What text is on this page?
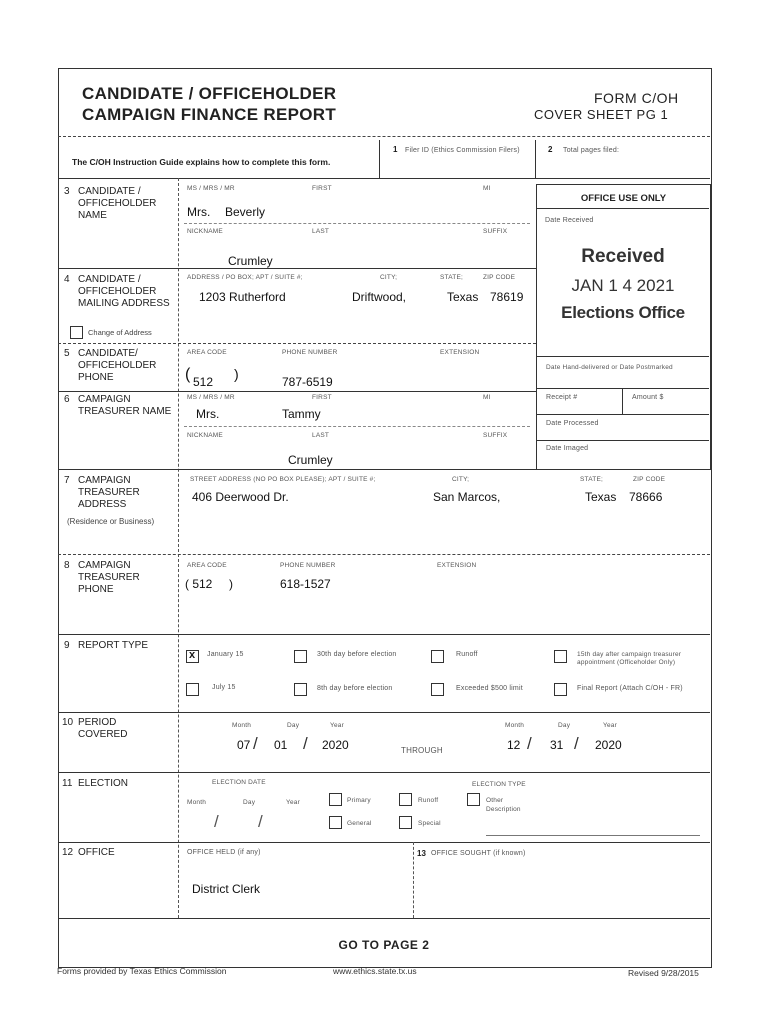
CANDIDATE / OFFICEHOLDER
CAMPAIGN FINANCE REPORT
FORM C/OH
COVER SHEET PG 1
The C/OH Instruction Guide explains how to complete this form.
1 Filer ID (Ethics Commission Filers)	2 Total pages filed:
3 CANDIDATE / OFFICEHOLDER NAME
MS / MRS / MR	FIRST	MI
Mrs. Beverly
NICKNAME	LAST	SUFFIX
Crumley
OFFICE USE ONLY
Date Received
Received
JAN 1 4 2021
Elections Office
Date Hand-delivered or Date Postmarked
Receipt #	Amount $
Date Processed
Date Imaged
4 CANDIDATE / OFFICEHOLDER MAILING ADDRESS
Change of Address
ADDRESS / PO BOX; APT / SUITE #;	CITY;	STATE;	ZIP CODE
1203 Rutherford	Driftwood,	Texas 78619
5 CANDIDATE/ OFFICEHOLDER PHONE
AREA CODE	PHONE NUMBER	EXTENSION
( 512 )	787-6519
6 CAMPAIGN TREASURER NAME
MS / MRS / MR	FIRST	MI
Mrs.	Tammy
NICKNAME	LAST	SUFFIX
Crumley
7 CAMPAIGN TREASURER ADDRESS
(Residence or Business)
STREET ADDRESS (NO PO BOX PLEASE); APT / SUITE #;	CITY;	STATE;	ZIP CODE
406 Deerwood Dr.	San Marcos,	Texas 78666
8 CAMPAIGN TREASURER PHONE
AREA CODE	PHONE NUMBER	EXTENSION
( 512     )	618-1527
9 REPORT TYPE
x January 15	30th day before election	Runoff	15th day after campaign treasurer appointment (Officeholder Only)
July 15	8th day before election	Exceeded $500 limit	Final Report (Attach C/OH - FR)
10 PERIOD COVERED
Month	Day	Year
07 / 01 / 2020	THROUGH
Month	Day	Year
12 / 31 / 2020
11 ELECTION	ELECTION DATE
Month	Day	Year
/ /
ELECTION TYPE
Primary	Runoff	Other
Description
General	Special
12 OFFICE	OFFICE HELD (if any)
District Clerk
13 OFFICE SOUGHT (if known)
GO TO PAGE 2
Forms provided by Texas Ethics Commission	www.ethics.state.tx.us	Revised 9/28/2015
